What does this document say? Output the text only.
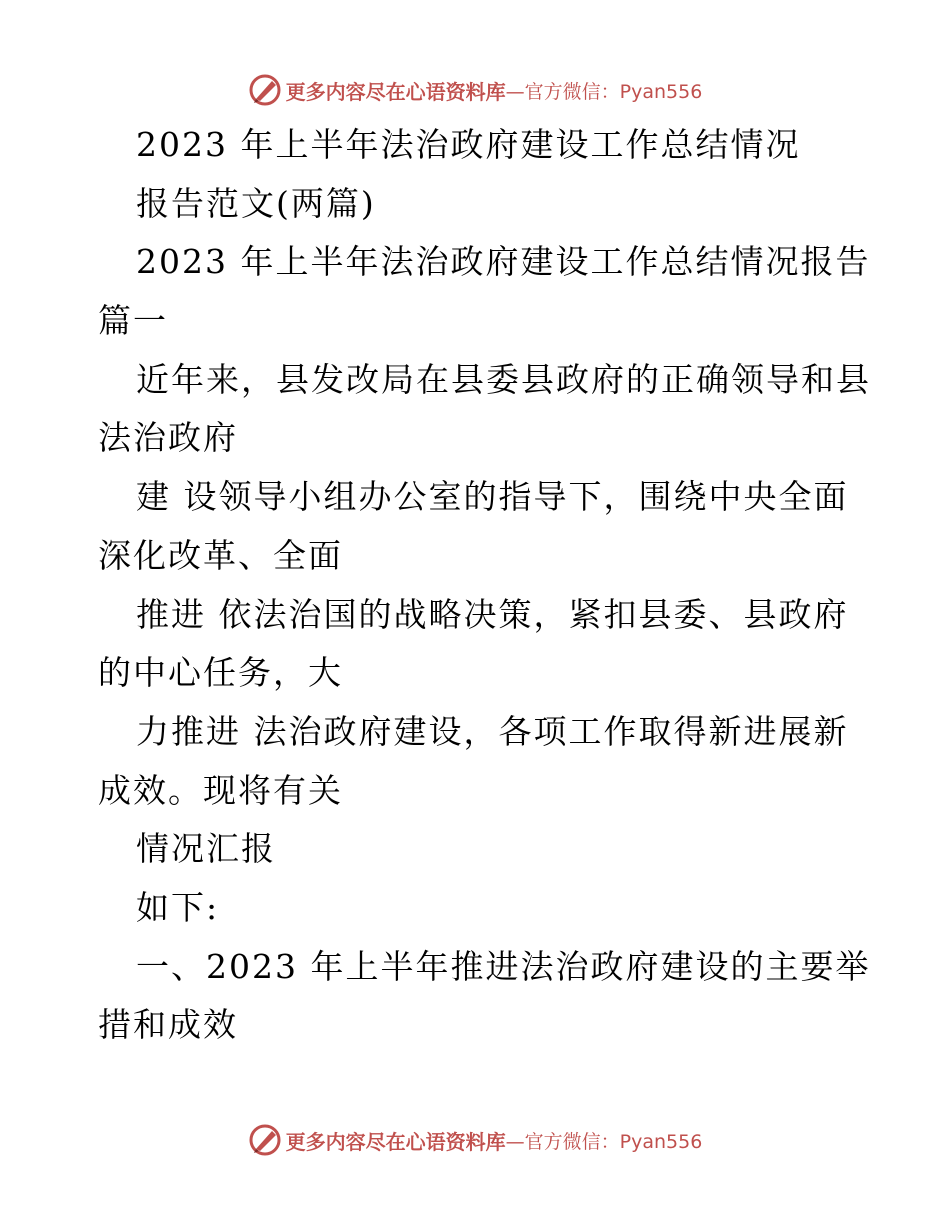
更多内容尽在心语资料库 —官方微信：Pyan556
2023 年上半年法治政府建设工作总结情况
报告范文(两篇)
2023 年上半年法治政府建设工作总结情况报告
篇一
近年来，县发改局在县委县政府的正确领导和县
法治政府
建 设领导小组办公室的指导下，围绕中央全面
深化改革、全面
推进 依法治国的战略决策，紧扣县委、县政府
的中心任务，大
力推进 法治政府建设，各项工作取得新进展新
成效。现将有关
情况汇报
如下:
一、2023 年上半年推进法治政府建设的主要举
措和成效
更多内容尽在心语资料库 —官方微信：Pyan556
